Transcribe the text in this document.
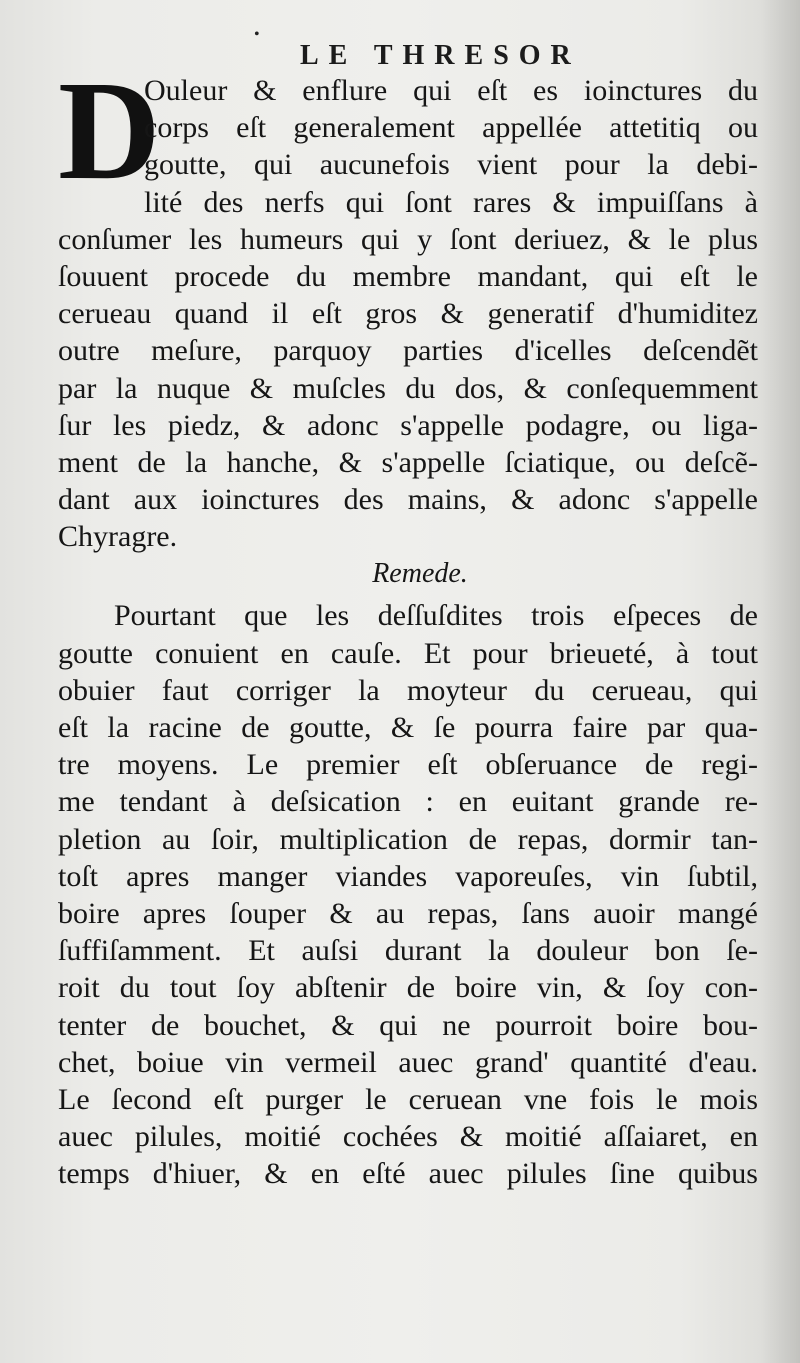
•
LE THRESOR
D
Ouleur & enflure qui eſt es ioinctures du
corps eſt generalement appellée attetitiq ou
goutte, qui aucunefois vient pour la debi-
lité des nerfs qui ſont rares & impuiſſans à
conſumer les humeurs qui y ſont deriuez, & le plus
ſouuent procede du membre mandant, qui eſt le
cerueau quand il eſt gros & generatif d'humiditez
outre meſure, parquoy parties d'icelles deſcendẽt
par la nuque & muſcles du dos, & conſequemment
ſur les piedz, & adonc s'appelle podagre, ou liga-
ment de la hanche, & s'appelle ſciatique, ou deſcẽ-
dant aux ioinctures des mains, & adonc s'appelle
Chyragre.
Remede.
Pourtant que les deſſuſdites trois eſpeces de
goutte conuient en cauſe. Et pour brieueté, à tout
obuier faut corriger la moyteur du cerueau, qui
eſt la racine de goutte, & ſe pourra faire par qua-
tre moyens. Le premier eſt obſeruance de regi-
me tendant à deſsication : en euitant grande re-
pletion au ſoir, multiplication de repas, dormir tan-
toſt apres manger viandes vaporeuſes, vin ſubtil,
boire apres ſouper & au repas, ſans auoir mangé
ſuffiſamment. Et auſsi durant la douleur bon ſe-
roit du tout ſoy abſtenir de boire vin, & ſoy con-
tenter de bouchet, & qui ne pourroit boire bou-
chet, boiue vin vermeil auec grand' quantité d'eau.
Le ſecond eſt purger le ceruean vne fois le mois
auec pilules, moitié cochées & moitié aſſaiaret, en
temps d'hiuer, & en eſté auec pilules ſine quibus
